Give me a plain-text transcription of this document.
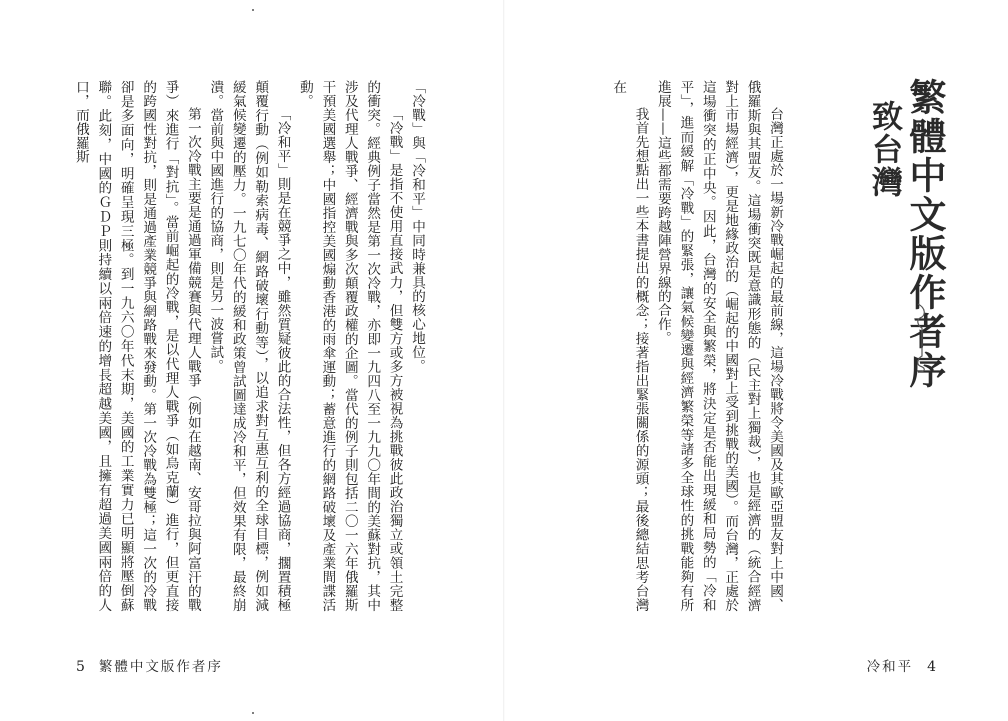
「冷戰」與「冷和平」中同時兼具的核心地位。

「冷戰」是指不使用直接武力，但雙方或多方被視為挑戰彼此政治獨立或領土完整的衝突。經典例子當然是第一次冷戰，亦即一九四八至一九九〇年間的美蘇對抗，其中涉及代理人戰爭、經濟戰與多次顛覆政權的企圖。當代的例子則包括二〇一六年俄羅斯干預美國選舉；中國指控美國煽動香港的雨傘運動；蓄意進行的網路破壞及產業間諜活動。

「冷和平」則是在競爭之中，雖然質疑彼此的合法性，但各方經過協商，擱置積極顛覆行動（例如勒索病毒、網路破壞行動等），以追求對互惠互利的全球目標，例如減緩氣候變遷的壓力。一九七〇年代的緩和政策曾試圖達成冷和平，但效果有限，最終崩潰。當前與中國進行的協商，則是另一波嘗試。

第一次冷戰主要是通過軍備競賽與代理人戰爭（例如在越南、安哥拉與阿富汗的戰爭）來進行「對抗」。當前崛起的冷戰，是以代理人戰爭（如烏克蘭）進行，但更直接的跨國性對抗，則是通過產業競爭與網路戰來發動。第一次冷戰為雙極；這一次的冷戰卻是多面向，明確呈現三極。到一九六〇年代末期，美國的工業實力已明顯將壓倒蘇聯。此刻，中國的ＧＤＰ則持續以兩倍速的增長超越美國，且擁有超過美國兩倍的人口，而俄羅斯

5 繁體中文版作者序
繁體中文版作者序
致台灣

台灣正處於一場新冷戰崛起的最前線，這場冷戰將令美國及其歐亞盟友對上中國、俄羅斯與其盟友。這場衝突既是意識形態的（民主對上獨裁），也是經濟的（統合經濟對上市場經濟），更是地緣政治的（崛起的中國對上受到挑戰的美國）。而台灣，正處於這場衝突的正中央。因此，台灣的安全與繁榮，將決定是否能出現緩和局勢的「冷和平」，進而緩解「冷戰」的緊張，讓氣候變遷與經濟繁榮等諸多全球性的挑戰能夠有所進展——這些都需要跨越陣營界線的合作。

我首先想點出一些本書提出的概念；接著指出緊張關係的源頭；最後總結思考台灣在

冷和平 4
